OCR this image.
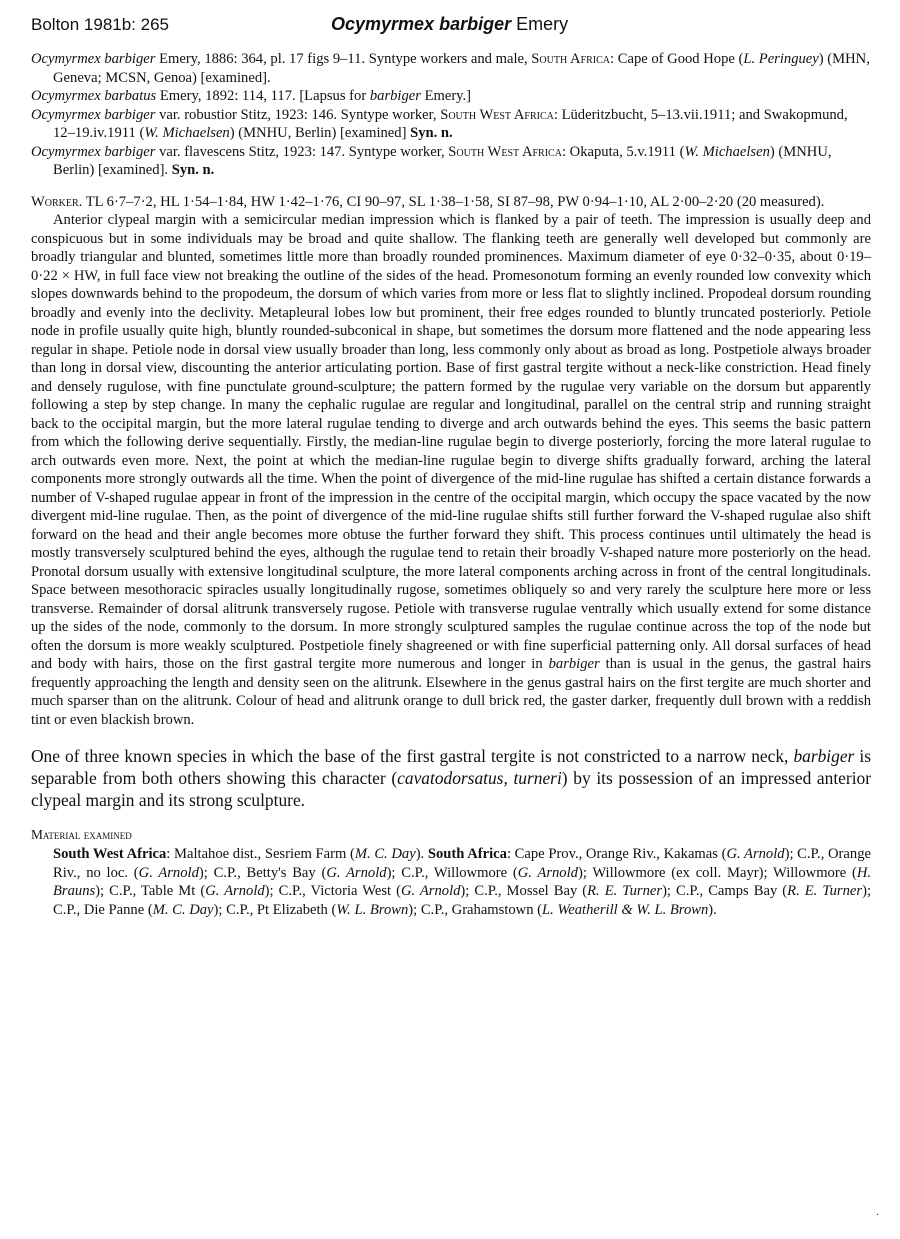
Bolton 1981b: 265	Ocymyrmex barbiger Emery

Ocymyrmex barbiger Emery, 1886: 364, pl. 17 figs 9–11. Syntype workers and male, South Africa: Cape of Good Hope (L. Peringuey) (MHN, Geneva; MCSN, Genoa) [examined].

Ocymyrmex barbatus Emery, 1892: 114, 117. [Lapsus for barbiger Emery.]

Ocymyrmex barbiger var. robustior Stitz, 1923: 146. Syntype worker, South West Africa: Lüderitzbucht, 5–13.vii.1911; and Swakopmund, 12–19.iv.1911 (W. Michaelsen) (MNHU, Berlin) [examined] Syn. n.

Ocymyrmex barbiger var. flavescens Stitz, 1923: 147. Syntype worker, South West Africa: Okaputa, 5.v.1911 (W. Michaelsen) (MNHU, Berlin) [examined]. Syn. n.

Worker. TL 6·7–7·2, HL 1·54–1·84, HW 1·42–1·76, CI 90–97, SL 1·38–1·58, SI 87–98, PW 0·94–1·10, AL 2·00–2·20 (20 measured).

Anterior clypeal margin with a semicircular median impression which is flanked by a pair of teeth. The impression is usually deep and conspicuous but in some individuals may be broad and quite shallow. The flanking teeth are generally well developed but commonly are broadly triangular and blunted, sometimes little more than broadly rounded prominences. Maximum diameter of eye 0·32–0·35, about 0·19–0·22 × HW, in full face view not breaking the outline of the sides of the head. Promesonotum forming an evenly rounded low convexity which slopes downwards behind to the propodeum, the dorsum of which varies from more or less flat to slightly inclined. Propodeal dorsum rounding broadly and evenly into the declivity. Metapleural lobes low but prominent, their free edges rounded to bluntly truncated posteriorly. Petiole node in profile usually quite high, bluntly rounded-subconical in shape, but sometimes the dorsum more flattened and the node appearing less regular in shape. Petiole node in dorsal view usually broader than long, less commonly only about as broad as long. Postpetiole always broader than long in dorsal view, discounting the anterior articulating portion. Base of first gastral tergite without a neck-like constriction. Head finely and densely rugulose, with fine punctulate ground-sculpture; the pattern formed by the rugulae very variable on the dorsum but apparently following a step by step change. In many the cephalic rugulae are regular and longitudinal, parallel on the central strip and running straight back to the occipital margin, but the more lateral rugulae tending to diverge and arch outwards behind the eyes. This seems the basic pattern from which the following derive sequentially. Firstly, the median-line rugulae begin to diverge posteriorly, forcing the more lateral rugulae to arch outwards even more. Next, the point at which the median-line rugulae begin to diverge shifts gradually forward, arching the lateral components more strongly outwards all the time. When the point of divergence of the mid-line rugulae has shifted a certain distance forwards a number of V-shaped rugulae appear in front of the impression in the centre of the occipital margin, which occupy the space vacated by the now divergent mid-line rugulae. Then, as the point of divergence of the mid-line rugulae shifts still further forward the V-shaped rugulae also shift forward on the head and their angle becomes more obtuse the further forward they shift. This process continues until ultimately the head is mostly transversely sculptured behind the eyes, although the rugulae tend to retain their broadly V-shaped nature more posteriorly on the head. Pronotal dorsum usually with extensive longitudinal sculpture, the more lateral components arching across in front of the central longitudinals. Space between mesothoracic spiracles usually longitudinally rugose, sometimes obliquely so and very rarely the sculpture here more or less transverse. Remainder of dorsal alitrunk transversely rugose. Petiole with transverse rugulae ventrally which usually extend for some distance up the sides of the node, commonly to the dorsum. In more strongly sculptured samples the rugulae continue across the top of the node but often the dorsum is more weakly sculptured. Postpetiole finely shagreened or with fine superficial patterning only. All dorsal surfaces of head and body with hairs, those on the first gastral tergite more numerous and longer in barbiger than is usual in the genus, the gastral hairs frequently approaching the length and density seen on the alitrunk. Elsewhere in the genus gastral hairs on the first tergite are much shorter and much sparser than on the alitrunk. Colour of head and alitrunk orange to dull brick red, the gaster darker, frequently dull brown with a reddish tint or even blackish brown.

One of three known species in which the base of the first gastral tergite is not constricted to a narrow neck, barbiger is separable from both others showing this character (cavatodorsatus, turneri) by its possession of an impressed anterior clypeal margin and its strong sculpture.

Material examined

South West Africa: Maltahoe dist., Sesriem Farm (M. C. Day). South Africa: Cape Prov., Orange Riv., Kakamas (G. Arnold); C.P., Orange Riv., no loc. (G. Arnold); C.P., Betty's Bay (G. Arnold); C.P., Willowmore (G. Arnold); Willowmore (ex coll. Mayr); Willowmore (H. Brauns); C.P., Table Mt (G. Arnold); C.P., Victoria West (G. Arnold); C.P., Mossel Bay (R. E. Turner); C.P., Camps Bay (R. E. Turner); C.P., Die Panne (M. C. Day); C.P., Pt Elizabeth (W. L. Brown); C.P., Grahamstown (L. Weatherill & W. L. Brown).

·
